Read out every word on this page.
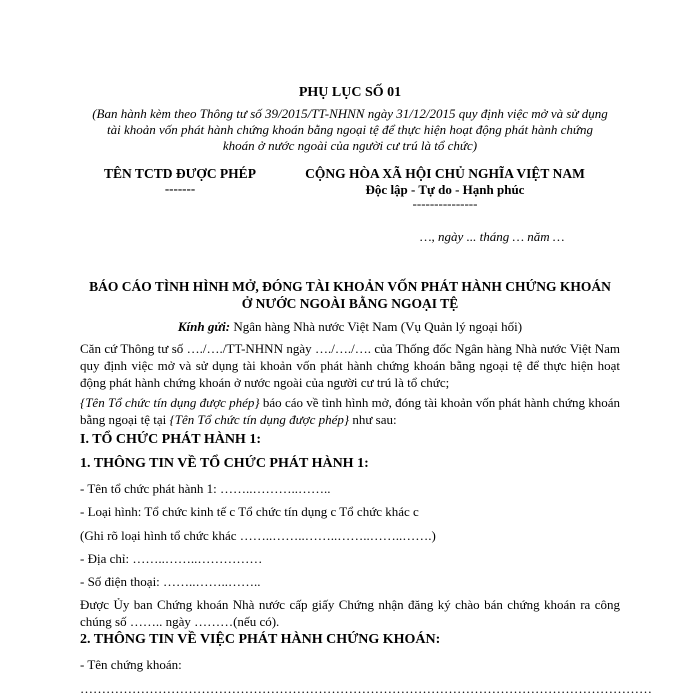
PHỤ LỤC SỐ 01
(Ban hành kèm theo Thông tư số 39/2015/TT-NHNN ngày 31/12/2015 quy định việc mở và sử dụng tài khoản vốn phát hành chứng khoán bằng ngoại tệ để thực hiện hoạt động phát hành chứng khoán ở nước ngoài của người cư trú là tổ chức)
TÊN TCTD ĐƯỢC PHÉP
-------
CỘNG HÒA XÃ HỘI CHỦ NGHĨA VIỆT NAM
Độc lập - Tự do - Hạnh phúc
---------------
…, ngày ... tháng … năm …
BÁO CÁO TÌNH HÌNH MỞ, ĐÓNG TÀI KHOẢN VỐN PHÁT HÀNH CHỨNG KHOÁN
Ở NƯỚC NGOÀI BẰNG NGOẠI TỆ
Kính gửi: Ngân hàng Nhà nước Việt Nam (Vụ Quản lý ngoại hối)
Căn cứ Thông tư số …./…./TT-NHNN ngày …./…./…. của Thống đốc Ngân hàng Nhà nước Việt Nam quy định việc mở và sử dụng tài khoản vốn phát hành chứng khoán bằng ngoại tệ để thực hiện hoạt động phát hành chứng khoán ở nước ngoài của người cư trú là tổ chức;
{Tên Tổ chức tín dụng được phép} báo cáo về tình hình mở, đóng tài khoản vốn phát hành chứng khoán bằng ngoại tệ tại {Tên Tổ chức tín dụng được phép} như sau:
I. TỔ CHỨC PHÁT HÀNH 1:
1. THÔNG TIN VỀ TỔ CHỨC PHÁT HÀNH 1:
- Tên tổ chức phát hành 1: ……..………..……..
- Loại hình: Tổ chức kinh tế c Tổ chức tín dụng c Tổ chức khác c
(Ghi rõ loại hình tổ chức khác ……..……..……..……..……..…….)
- Địa chỉ: ……..……..……………
- Số điện thoại: ……..……..……..
Được Ủy ban Chứng khoán Nhà nước cấp giấy Chứng nhận đăng ký chào bán chứng khoán ra công chúng số …….. ngày ………(nếu có).
2. THÔNG TIN VỀ VIỆC PHÁT HÀNH CHỨNG KHOÁN:
- Tên chứng khoán:
……………………………………………………………………………………………………………………
